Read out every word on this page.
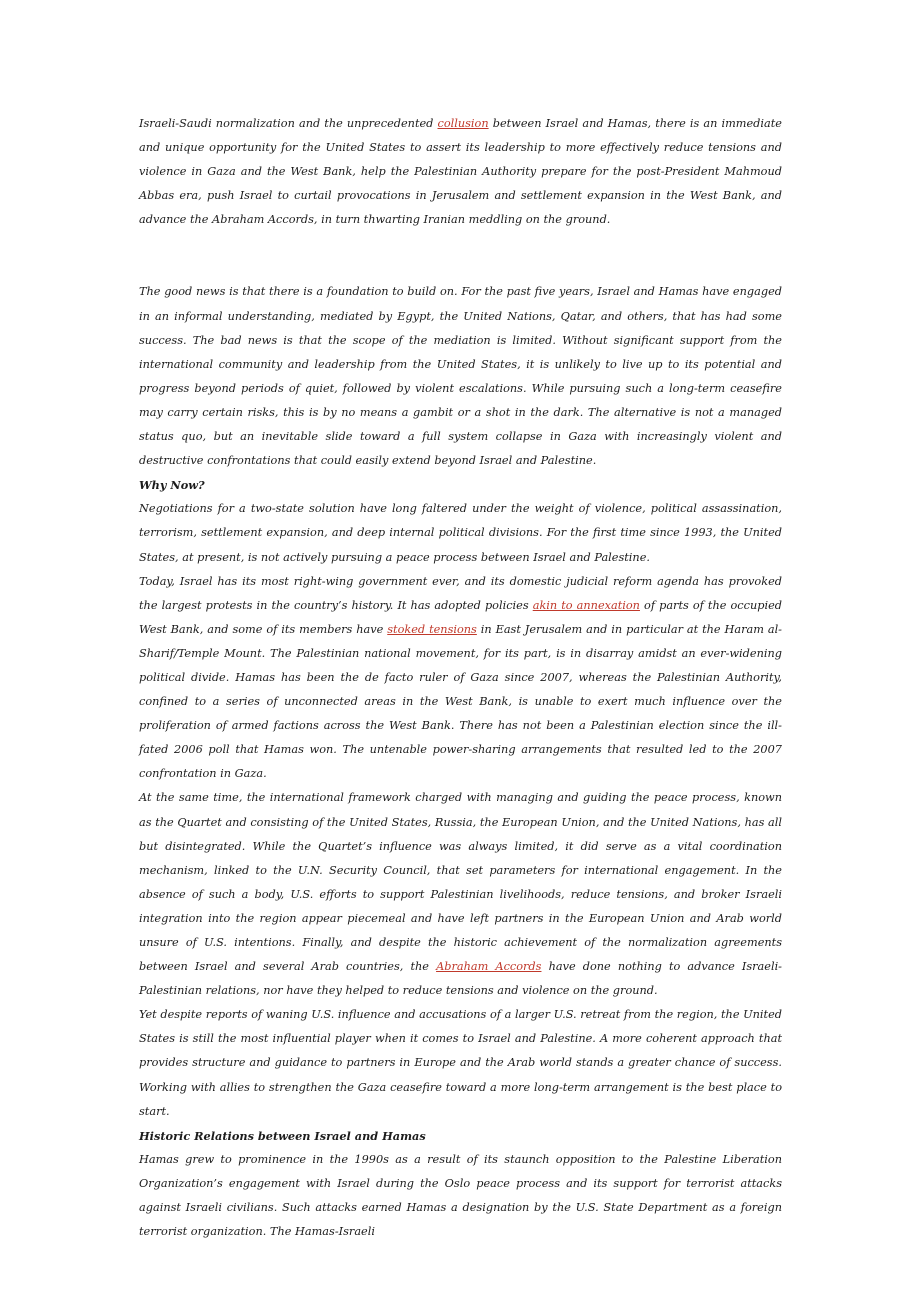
Israeli-Saudi normalization and the unprecedented collusion between Israel and Hamas, there is an immediate and unique opportunity for the United States to assert its leadership to more effectively reduce tensions and violence in Gaza and the West Bank, help the Palestinian Authority prepare for the post-President Mahmoud Abbas era, push Israel to curtail provocations in Jerusalem and settlement expansion in the West Bank, and advance the Abraham Accords, in turn thwarting Iranian meddling on the ground.

The good news is that there is a foundation to build on. For the past five years, Israel and Hamas have engaged in an informal understanding, mediated by Egypt, the United Nations, Qatar, and others, that has had some success. The bad news is that the scope of the mediation is limited. Without significant support from the international community and leadership from the United States, it is unlikely to live up to its potential and progress beyond periods of quiet, followed by violent escalations. While pursuing such a long-term ceasefire may carry certain risks, this is by no means a gambit or a shot in the dark. The alternative is not a managed status quo, but an inevitable slide toward a full system collapse in Gaza with increasingly violent and destructive confrontations that could easily extend beyond Israel and Palestine.

Why Now?

Negotiations for a two-state solution have long faltered under the weight of violence, political assassination, terrorism, settlement expansion, and deep internal political divisions. For the first time since 1993, the United States, at present, is not actively pursuing a peace process between Israel and Palestine.

Today, Israel has its most right-wing government ever, and its domestic judicial reform agenda has provoked the largest protests in the country’s history. It has adopted policies akin to annexation of parts of the occupied West Bank, and some of its members have stoked tensions in East Jerusalem and in particular at the Haram al-Sharif/Temple Mount. The Palestinian national movement, for its part, is in disarray amidst an ever-widening political divide. Hamas has been the de facto ruler of Gaza since 2007, whereas the Palestinian Authority, confined to a series of unconnected areas in the West Bank, is unable to exert much influence over the proliferation of armed factions across the West Bank. There has not been a Palestinian election since the ill-fated 2006 poll that Hamas won. The untenable power-sharing arrangements that resulted led to the 2007 confrontation in Gaza.

At the same time, the international framework charged with managing and guiding the peace process, known as the Quartet and consisting of the United States, Russia, the European Union, and the United Nations, has all but disintegrated. While the Quartet’s influence was always limited, it did serve as a vital coordination mechanism, linked to the U.N. Security Council, that set parameters for international engagement. In the absence of such a body, U.S. efforts to support Palestinian livelihoods, reduce tensions, and broker Israeli integration into the region appear piecemeal and have left partners in the European Union and Arab world unsure of U.S. intentions. Finally, and despite the historic achievement of the normalization agreements between Israel and several Arab countries, the Abraham Accords have done nothing to advance Israeli-Palestinian relations, nor have they helped to reduce tensions and violence on the ground.

Yet despite reports of waning U.S. influence and accusations of a larger U.S. retreat from the region, the United States is still the most influential player when it comes to Israel and Palestine. A more coherent approach that provides structure and guidance to partners in Europe and the Arab world stands a greater chance of success. Working with allies to strengthen the Gaza ceasefire toward a more long-term arrangement is the best place to start.

Historic Relations between Israel and Hamas

Hamas grew to prominence in the 1990s as a result of its staunch opposition to the Palestine Liberation Organization’s engagement with Israel during the Oslo peace process and its support for terrorist attacks against Israeli civilians. Such attacks earned Hamas a designation by the U.S. State Department as a foreign terrorist organization. The Hamas-Israeli
